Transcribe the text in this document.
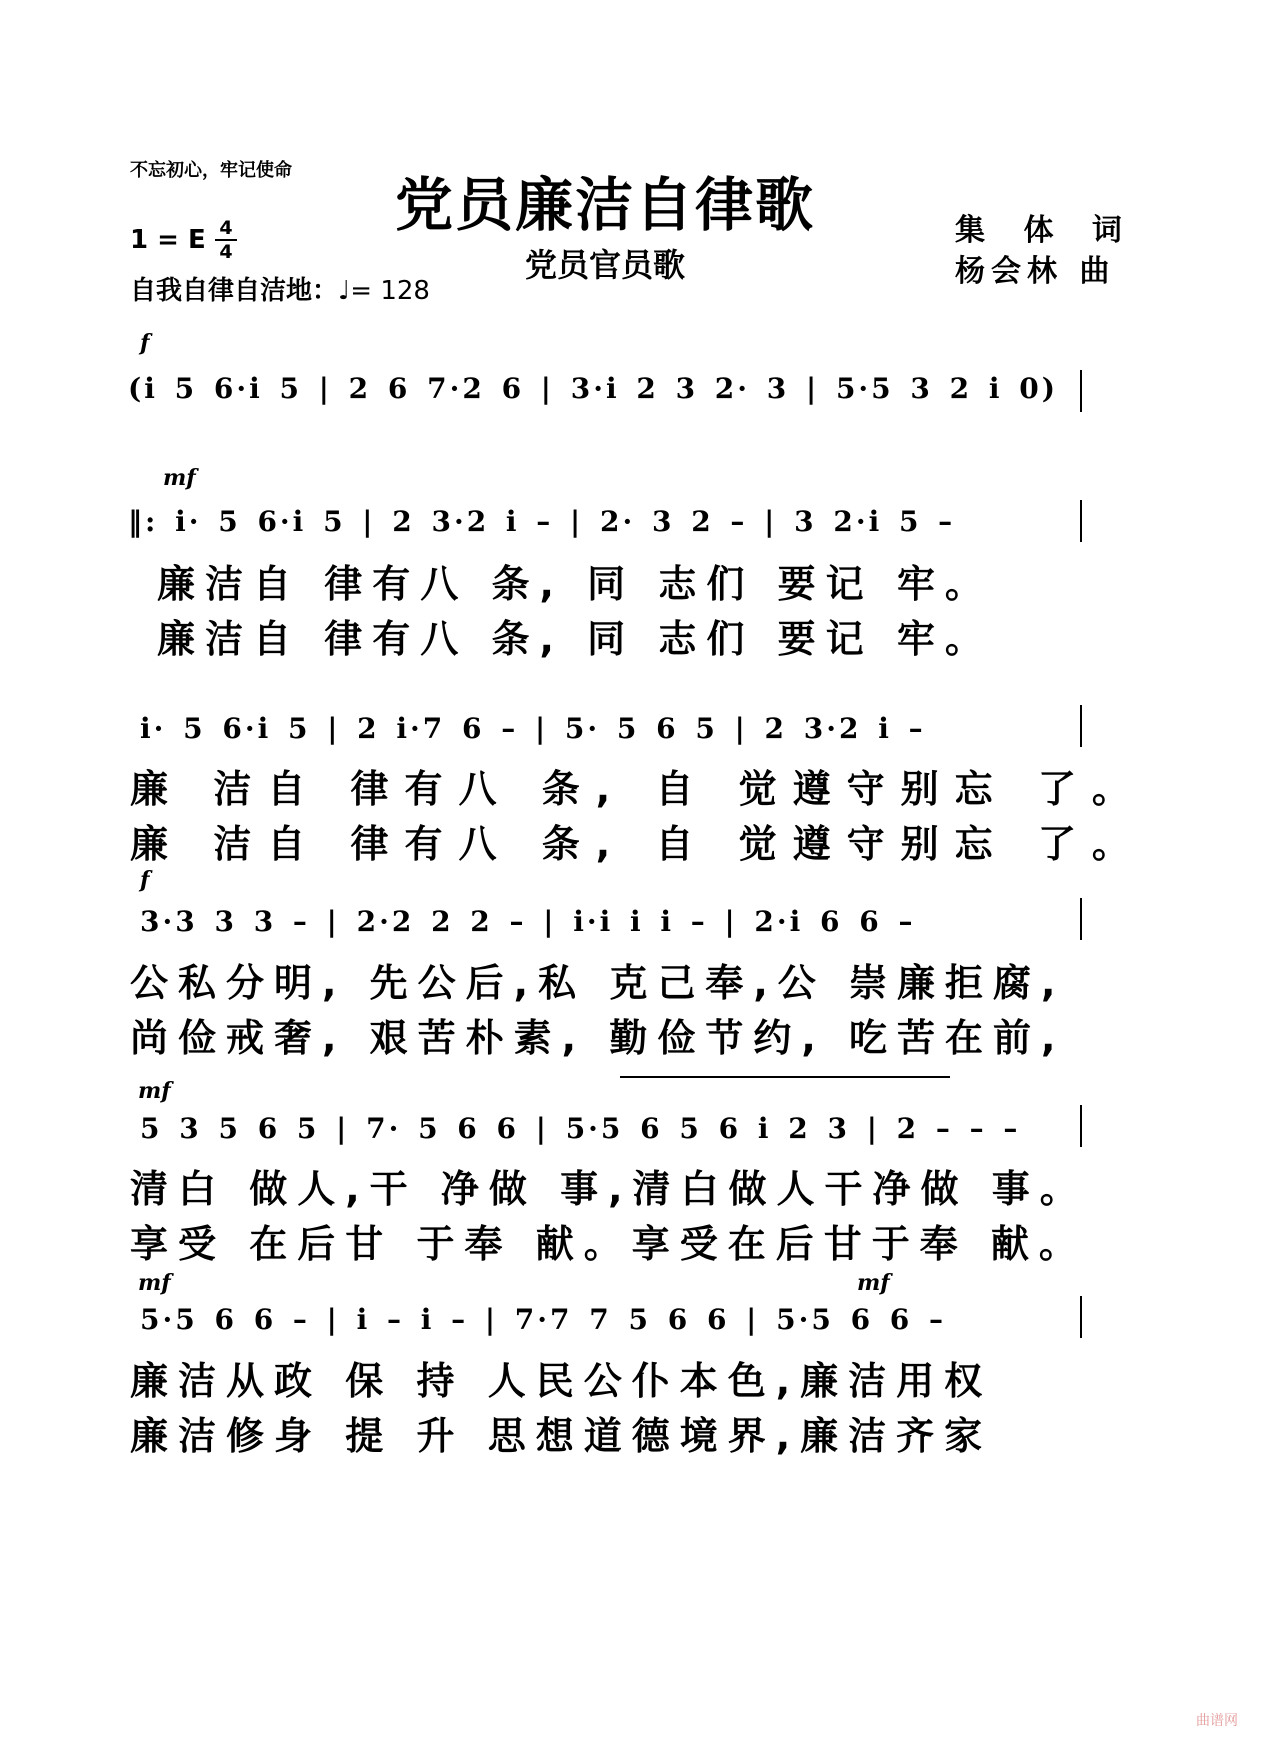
不忘初心，牢记使命
党员廉洁自律歌
党员官员歌
1 = E 4
4
自我自律自洁地：♩= 128
集 体 词
杨会林 曲
f
(i 5 6·i 5 | 2 6 7·2 6 | 3·i 2 3 2· 3 | 5·5 3 2 i 0)
mf
‖: i· 5 6·i 5 | 2 3·2 i – | 2· 3 2 – | 3 2·i 5 –
廉洁自 律有八 条, 同 志们 要记 牢。
廉洁自 律有八 条, 同 志们 要记 牢。
i· 5 6·i 5 | 2 i·7 6 – | 5· 5 6 5 | 2 3·2 i –
廉 洁自 律有八 条, 自 觉遵守别忘 了。
廉 洁自 律有八 条, 自 觉遵守别忘 了。
f
3·3 3 3 – | 2·2 2 2 – | i·i i i – | 2·i 6 6 –
公私分明, 先公后,私 克己奉,公 崇廉拒腐,
尚俭戒奢, 艰苦朴素, 勤俭节约, 吃苦在前,
mf
5 3 5 6 5 | 7· 5 6 6 | 5·5 6 5 6 i 2 3 | 2 – – –
清白 做人,干 净做 事,清白做人干净做 事。
享受 在后甘 于奉 献。享受在后甘于奉 献。
mf	mf
5·5 6 6 – | i – i – | 7·7 7 5 6 6 | 5·5 6 6 –
廉洁从政 保 持 人民公仆本色,廉洁用权
廉洁修身 提 升 思想道德境界,廉洁齐家
曲谱网
